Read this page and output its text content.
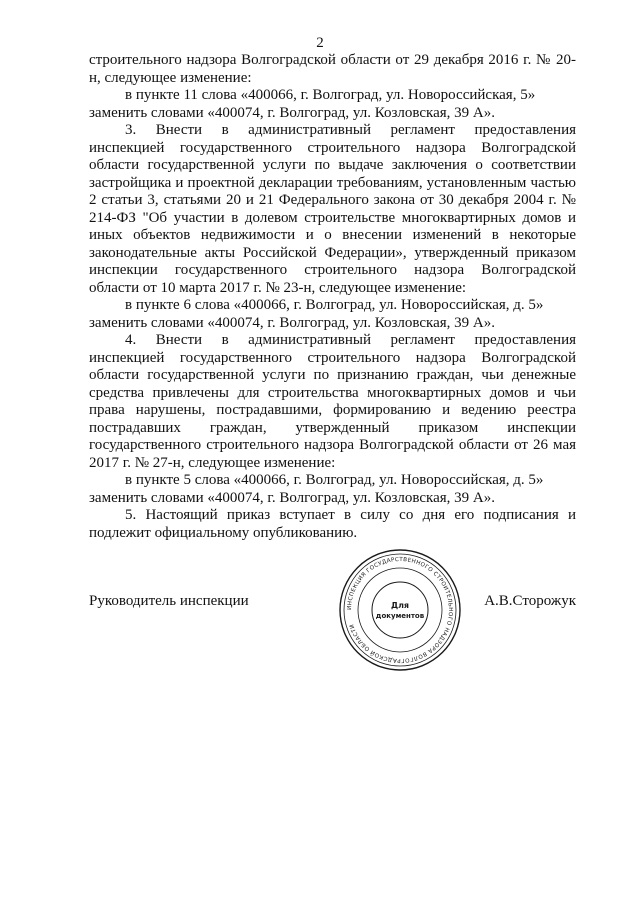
2

строительного надзора Волгоградской области от 29 декабря 2016 г. № 20-н, следующее изменение:

в пункте 11 слова «400066, г. Волгоград, ул. Новороссийская, 5»

заменить словами «400074, г. Волгоград, ул. Козловская, 39 А».

3. Внести в административный регламент предоставления инспекцией государственного строительного надзора Волгоградской области государственной услуги по выдаче заключения о соответствии застройщика и проектной декларации требованиям, установленным частью 2 статьи 3, статьями 20 и 21 Федерального закона от 30 декабря 2004 г. № 214-ФЗ "Об участии в долевом строительстве многоквартирных домов и иных объектов недвижимости и о внесении изменений в некоторые законодательные акты Российской Федерации», утвержденный приказом инспекции государственного строительного надзора Волгоградской области от 10 марта 2017 г. № 23-н, следующее изменение:

в пункте 6 слова «400066, г. Волгоград, ул. Новороссийская, д. 5»

заменить словами «400074, г. Волгоград, ул. Козловская, 39 А».

4. Внести в административный регламент предоставления инспекцией государственного строительного надзора Волгоградской области государственной услуги по признанию граждан, чьи денежные средства привлечены для строительства многоквартирных домов и чьи права нарушены, пострадавшими, формированию и ведению реестра пострадавших граждан, утвержденный приказом инспекции государственного строительного надзора Волгоградской области от 26 мая 2017 г. № 27-н, следующее изменение:

в пункте 5 слова «400066, г. Волгоград, ул. Новороссийская, д. 5»

заменить словами «400074, г. Волгоград, ул. Козловская, 39 А».

5. Настоящий приказ вступает в силу со дня его подписания и подлежит официальному опубликованию.

Руководитель инспекции	А.В.Сторожук
ИНСПЕКЦИЯ ГОСУДАРСТВЕННОГО СТРОИТЕЛЬНОГО НАДЗОРА ВОЛГОГРАДСКОЙ ОБЛАСТИ
Для
документов
